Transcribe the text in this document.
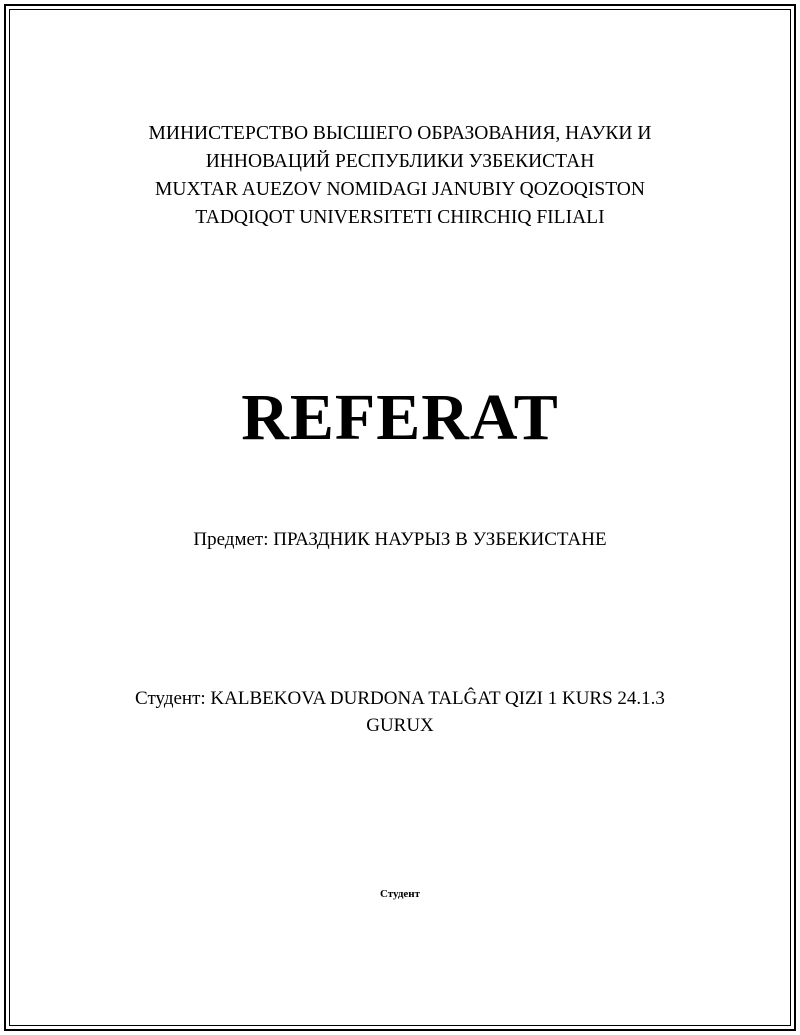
МИНИСТЕРСТВО ВЫСШЕГО ОБРАЗОВАНИЯ, НАУКИ И
ИННОВАЦИЙ РЕСПУБЛИКИ УЗБЕКИСТАН
MUXTAR AUEZOV NOMIDAGI JANUBIY QOZOQISTON
TADQIQOT UNIVERSITETI CHIRCHIQ FILIALI
REFERAT
Предмет: ПРАЗДНИК НАУРЫЗ В УЗБЕКИСТАНЕ
Студент: KALBEKOVA DURDONA TALĜAT QIZI 1 KURS 24.1.3
GURUX
Студент
